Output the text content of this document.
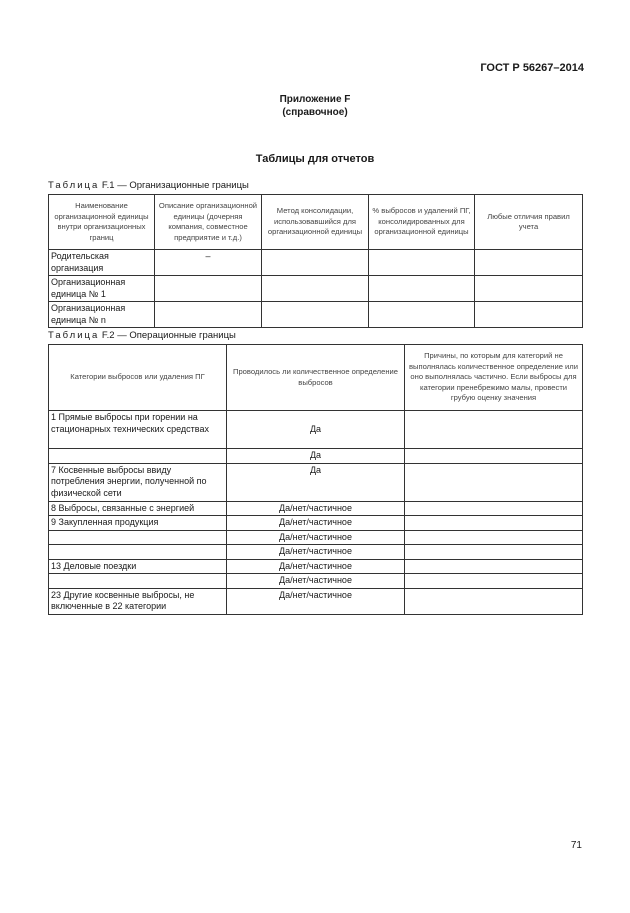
ГОСТ Р 56267–2014
Приложение F
(справочное)
Таблицы для отчетов
Таблица F.1 — Организационные границы
Наименование организационной единицы внутри организационных границ	Описание организационной единицы (дочерняя компания, совместное предприятие и т.д.)	Метод консолидации, использовавшийся для организационной единицы	% выбросов и удалений ПГ, консолидированных для организационной единицы	Любые отличия правил учета
Родительская организация	–			
Организационная единица № 1				
Организационная единица № n				
Таблица F.2 — Операционные границы
Категории выбросов или удаления ПГ	Проводилось ли количественное определение выбросов	Причины, по которым для категорий не выполнялась количественное определение или оно выполнялась частично. Если выбросы для категории пренебрежимо малы, провести грубую оценку значения
1 Прямые выбросы при горении на стационарных технических средствах	Да	
	Да	
7 Косвенные выбросы ввиду потребления энергии, полученной по физической сети	Да	
8 Выбросы, связанные с энергией	Да/нет/частичное	
9 Закупленная продукция	Да/нет/частичное	
	Да/нет/частичное	
	Да/нет/частичное	
13 Деловые поездки	Да/нет/частичное	
	Да/нет/частичное	
23 Другие косвенные выбросы, не включенные в 22 категории	Да/нет/частичное	
71
